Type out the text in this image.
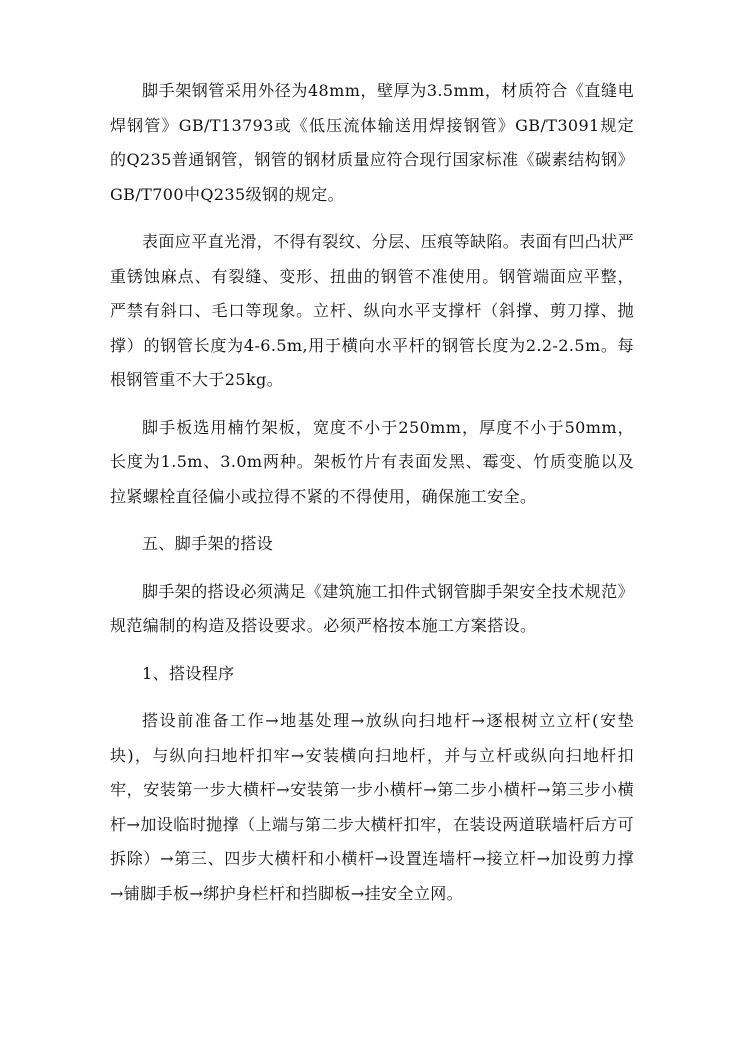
脚手架钢管采用外径为48mm，壁厚为3.5mm，材质符合《直缝电焊钢管》GB/T13793或《低压流体输送用焊接钢管》GB/T3091规定的Q235普通钢管，钢管的钢材质量应符合现行国家标准《碳素结构钢》GB/T700中Q235级钢的规定。

表面应平直光滑，不得有裂纹、分层、压痕等缺陷。表面有凹凸状严重锈蚀麻点、有裂缝、变形、扭曲的钢管不准使用。钢管端面应平整，严禁有斜口、毛口等现象。立杆、纵向水平支撑杆（斜撑、剪刀撑、抛撑）的钢管长度为4-6.5m,用于横向水平杆的钢管长度为2.2-2.5m。每根钢管重不大于25kg。

脚手板选用楠竹架板，宽度不小于250mm，厚度不小于50mm，长度为1.5m、3.0m两种。架板竹片有表面发黑、霉变、竹质变脆以及拉紧螺栓直径偏小或拉得不紧的不得使用，确保施工安全。

五、脚手架的搭设

脚手架的搭设必须满足《建筑施工扣件式钢管脚手架安全技术规范》规范编制的构造及搭设要求。必须严格按本施工方案搭设。

1、搭设程序

搭设前准备工作→地基处理→放纵向扫地杆→逐根树立立杆(安垫块)，与纵向扫地杆扣牢→安装横向扫地杆，并与立杆或纵向扫地杆扣牢，安装第一步大横杆→安装第一步小横杆→第二步小横杆→第三步小横杆→加设临时抛撑（上端与第二步大横杆扣牢，在装设两道联墙杆后方可拆除）→第三、四步大横杆和小横杆→设置连墙杆→接立杆→加设剪力撑→铺脚手板→绑护身栏杆和挡脚板→挂安全立网。
